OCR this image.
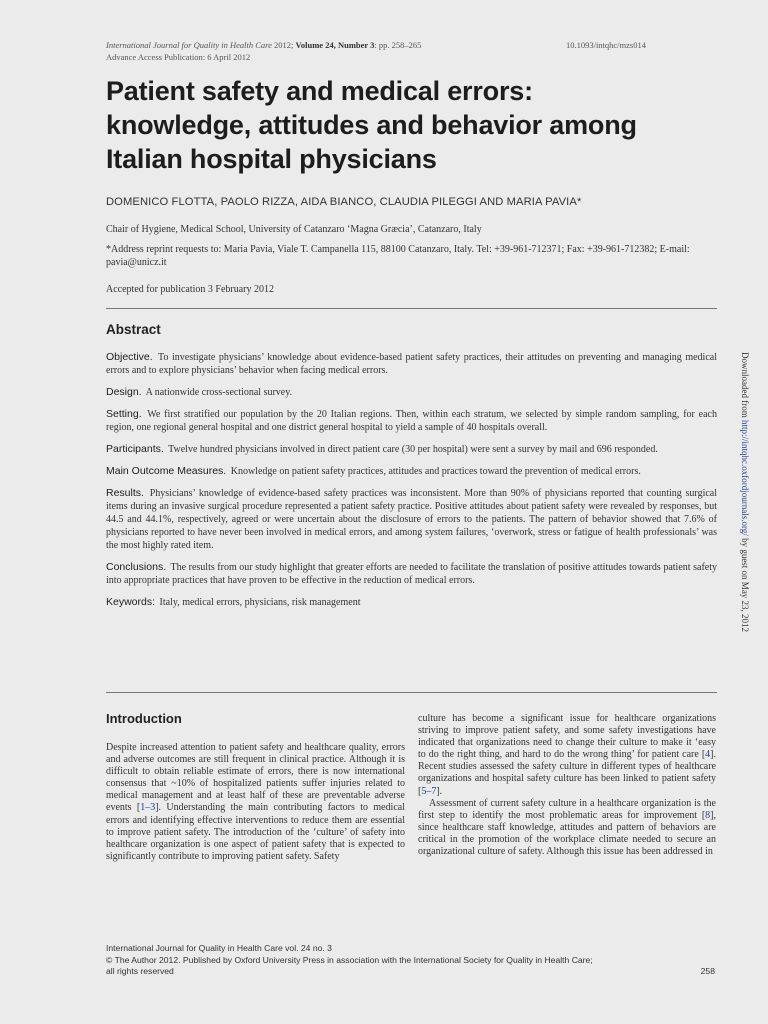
International Journal for Quality in Health Care 2012; Volume 24, Number 3: pp. 258–265
Advance Access Publication: 6 April 2012
10.1093/intqhc/mzs014
Patient safety and medical errors:
knowledge, attitudes and behavior among
Italian hospital physicians
DOMENICO FLOTTA, PAOLO RIZZA, AIDA BIANCO, CLAUDIA PILEGGI AND MARIA PAVIA*
Chair of Hygiene, Medical School, University of Catanzaro ‘Magna Græcia’, Catanzaro, Italy
*Address reprint requests to: Maria Pavia, Viale T. Campanella 115, 88100 Catanzaro, Italy. Tel: +39-961-712371; Fax: +39-961-712382; E-mail: pavia@unicz.it
Accepted for publication 3 February 2012
Abstract

Objective. To investigate physicians’ knowledge about evidence-based patient safety practices, their attitudes on preventing and managing medical errors and to explore physicians’ behavior when facing medical errors.

Design. A nationwide cross-sectional survey.

Setting. We first stratified our population by the 20 Italian regions. Then, within each stratum, we selected by simple random sampling, for each region, one regional general hospital and one district general hospital to yield a sample of 40 hospitals overall.

Participants. Twelve hundred physicians involved in direct patient care (30 per hospital) were sent a survey by mail and 696 responded.

Main Outcome Measures. Knowledge on patient safety practices, attitudes and practices toward the prevention of medical errors.

Results. Physicians’ knowledge of evidence-based safety practices was inconsistent. More than 90% of physicians reported that counting surgical items during an invasive surgical procedure represented a patient safety practice. Positive attitudes about patient safety were revealed by responses, but 44.5 and 44.1%, respectively, agreed or were uncertain about the disclosure of errors to the patients. The pattern of behavior showed that 7.6% of physicians reported to have never been involved in medical errors, and among system failures, ‘overwork, stress or fatigue of health professionals’ was the most highly rated item.

Conclusions. The results from our study highlight that greater efforts are needed to facilitate the translation of positive attitudes towards patient safety into appropriate practices that have proven to be effective in the reduction of medical errors.

Keywords: Italy, medical errors, physicians, risk management

Introduction

Despite increased attention to patient safety and healthcare quality, errors and adverse outcomes are still frequent in clinical practice. Although it is difficult to obtain reliable estimate of errors, there is now international consensus that ~10% of hospitalized patients suffer injuries related to medical management and at least half of these are preventable adverse events [1–3]. Understanding the main contributing factors to medical errors and identifying effective interventions to reduce them are essential to improve patient safety. The introduction of the ‘culture’ of safety into healthcare organization is one aspect of patient safety that is expected to significantly contribute to improving patient safety. Safety

culture has become a significant issue for healthcare organizations striving to improve patient safety, and some safety investigations have indicated that organizations need to change their culture to make it ‘easy to do the right thing, and hard to do the wrong thing’ for patient care [4]. Recent studies assessed the safety culture in different types of healthcare organizations and hospital safety culture has been linked to patient safety [5–7].

Assessment of current safety culture in a healthcare organization is the first step to identify the most problematic areas for improvement [8], since healthcare staff knowledge, attitudes and pattern of behaviors are critical in the promotion of the workplace climate needed to secure an organizational culture of safety. Although this issue has been addressed in

International Journal for Quality in Health Care vol. 24 no. 3
© The Author 2012. Published by Oxford University Press in association with the International Society for Quality in Health Care;
all rights reserved	258
Downloaded from http://intqhc.oxfordjournals.org/ by guest on May 23, 2012
